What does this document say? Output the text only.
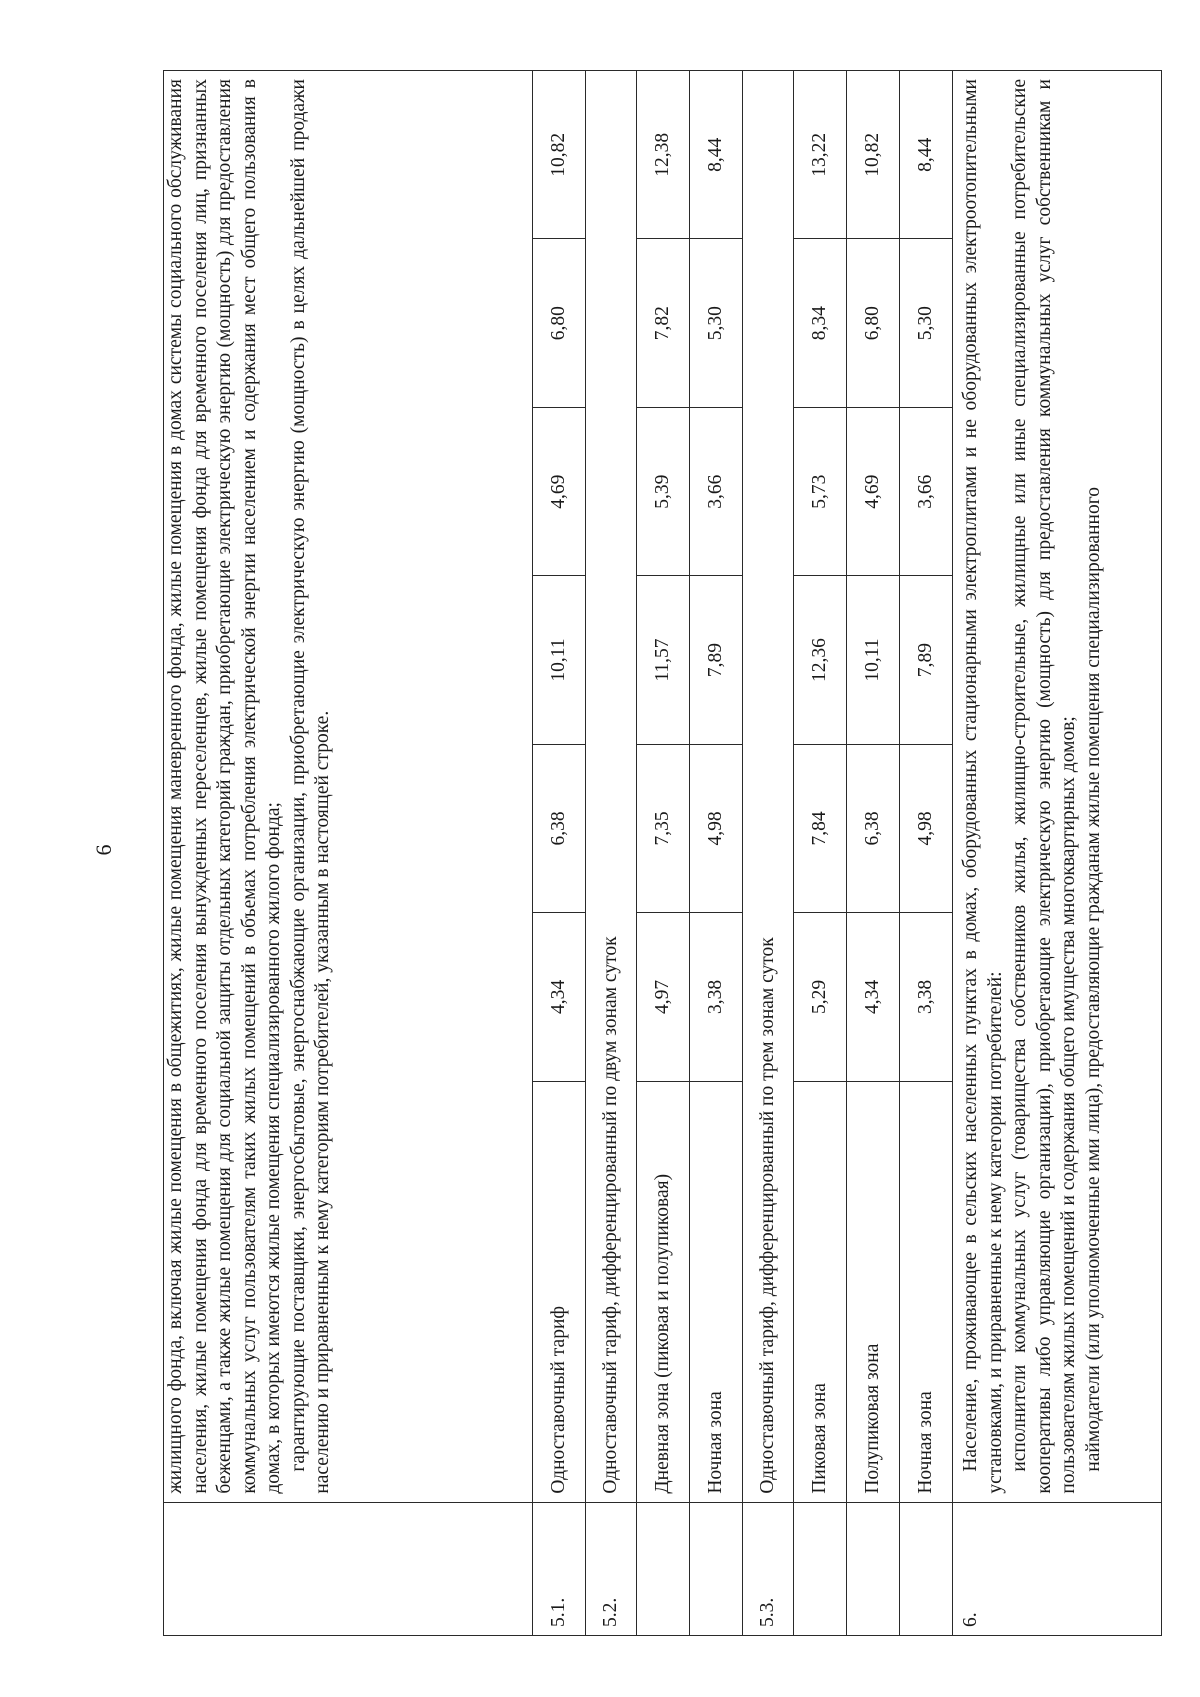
6

	жилищного фонда, включая жилые помещения в общежитиях, жилые помещения маневренного фонда, жилые помещения в домах системы социального обслуживания населения, жилые помещения фонда для временного поселения вынужденных переселенцев, жилые помещения фонда для временного поселения лиц, признанных беженцами, а также жилые помещения для социальной защиты отдельных категорий граждан, приобретающие электрическую энергию (мощность) для предоставления коммунальных услуг пользователям таких жилых помещений в объемах потребления электрической энергии населением и содержания мест общего пользования в домах, в которых имеются жилые помещения специализированного жилого фонда; гарантирующие поставщики, энергосбытовые, энергоснабжающие организации, приобретающие электрическую энергию (мощность) в целях дальнейшей продажи населению и приравненным к нему категориям потребителей, указанным в настоящей строке.						

5.1.	Одноставочный тариф	4,34	6,38	10,11	4,69	6,80	10,82
5.2.	Одноставочный тариф, дифференцированный по двум зонам суток						
	Дневная зона (пиковая и полупиковая)	4,97	7,35	11,57	5,39	7,82	12,38
	Ночная зона	3,38	4,98	7,89	3,66	5,30	8,44
5.3.	Одноставочный тариф, дифференцированный по трем зонам суток						
	Пиковая зона	5,29	7,84	12,36	5,73	8,34	13,22
	Полупиковая зона	4,34	6,38	10,11	4,69	6,80	10,82
	Ночная зона	3,38	4,98	7,89	3,66	5,30	8,44
6.	Население, проживающее в сельских населенных пунктах в домах, оборудованных стационарными электроплитами и не оборудованных электроотопительными установками, и приравненные к нему категории потребителей: исполнители коммунальных услуг (товарищества собственников жилья, жилищно-строительные, жилищные или иные специализированные потребительские кооперативы либо управляющие организации), приобретающие электрическую энергию (мощность) для предоставления коммунальных услуг собственникам и пользователям жилых помещений и содержания общего имущества многоквартирных домов; наймодатели (или уполномоченные ими лица), предоставляющие гражданам жилые помещения специализированного						
